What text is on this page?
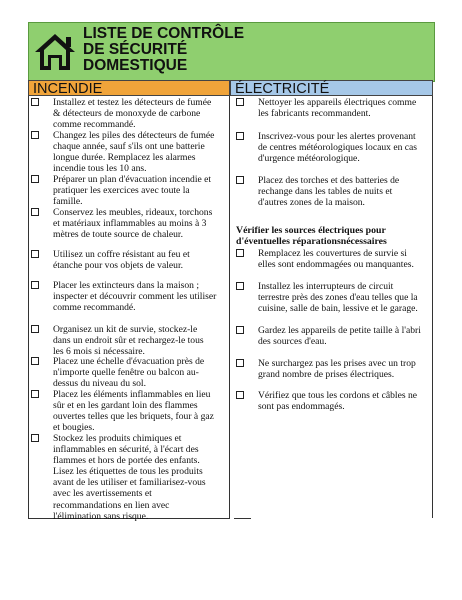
LISTE DE CONTRÔLE
DE SÉCURITÉ
DOMESTIQUE
INCENDIE	ÉLECTRICITÉ
Installez et testez les détecteurs de fumée
& détecteurs de monoxyde de carbone
comme recommandé.
Changez les piles des détecteurs de fumée
chaque année, sauf s'ils ont une batterie
longue durée. Remplacez les alarmes
incendie tous les 10 ans.
Préparer un plan d'évacuation incendie et
pratiquer les exercices avec toute la
famille.
Conservez les meubles, rideaux, torchons
et matériaux inflammables au moins à 3
mètres de toute source de chaleur.
Utilisez un coffre résistant au feu et
étanche pour vos objets de valeur.
Placer les extincteurs dans la maison ;
inspecter et découvrir comment les utiliser
comme recommandé.
Organisez un kit de survie, stockez-le
dans un endroit sûr et rechargez-le tous
les 6 mois si nécessaire.
Placez une échelle d'évacuation près de
n'importe quelle fenêtre ou balcon au-
dessus du niveau du sol.
Placez les éléments inflammables en lieu
sûr et en les gardant loin des flammes
ouvertes telles que les briquets, four à gaz
et bougies.
Stockez les produits chimiques et
inflammables en sécurité, à l'écart des
flammes et hors de portée des enfants.
Lisez les étiquettes de tous les produits
avant de les utiliser et familiarisez-vous
avec les avertissements et
recommandations en lien avec
l'élimination sans risque.
Nettoyer les appareils électriques comme
les fabricants recommandent.
Inscrivez-vous pour les alertes provenant
de centres météorologiques locaux en cas
d'urgence météorologique.
Placez des torches et des batteries de
rechange dans les tables de nuits et
d'autres zones de la maison.
Remplacez les couvertures de survie si
elles sont endommagées ou manquantes.
Installez les interrupteurs de circuit
terrestre près des zones d'eau telles que la
cuisine, salle de bain, lessive et le garage.
Gardez les appareils de petite taille à l'abri
des sources d'eau.
Ne surchargez pas les prises avec un trop
grand nombre de prises électriques.
Vérifiez que tous les cordons et câbles ne
sont pas endommagés.
Vérifier les sources électriques pour
d'éventuelles réparationsnécessaires
